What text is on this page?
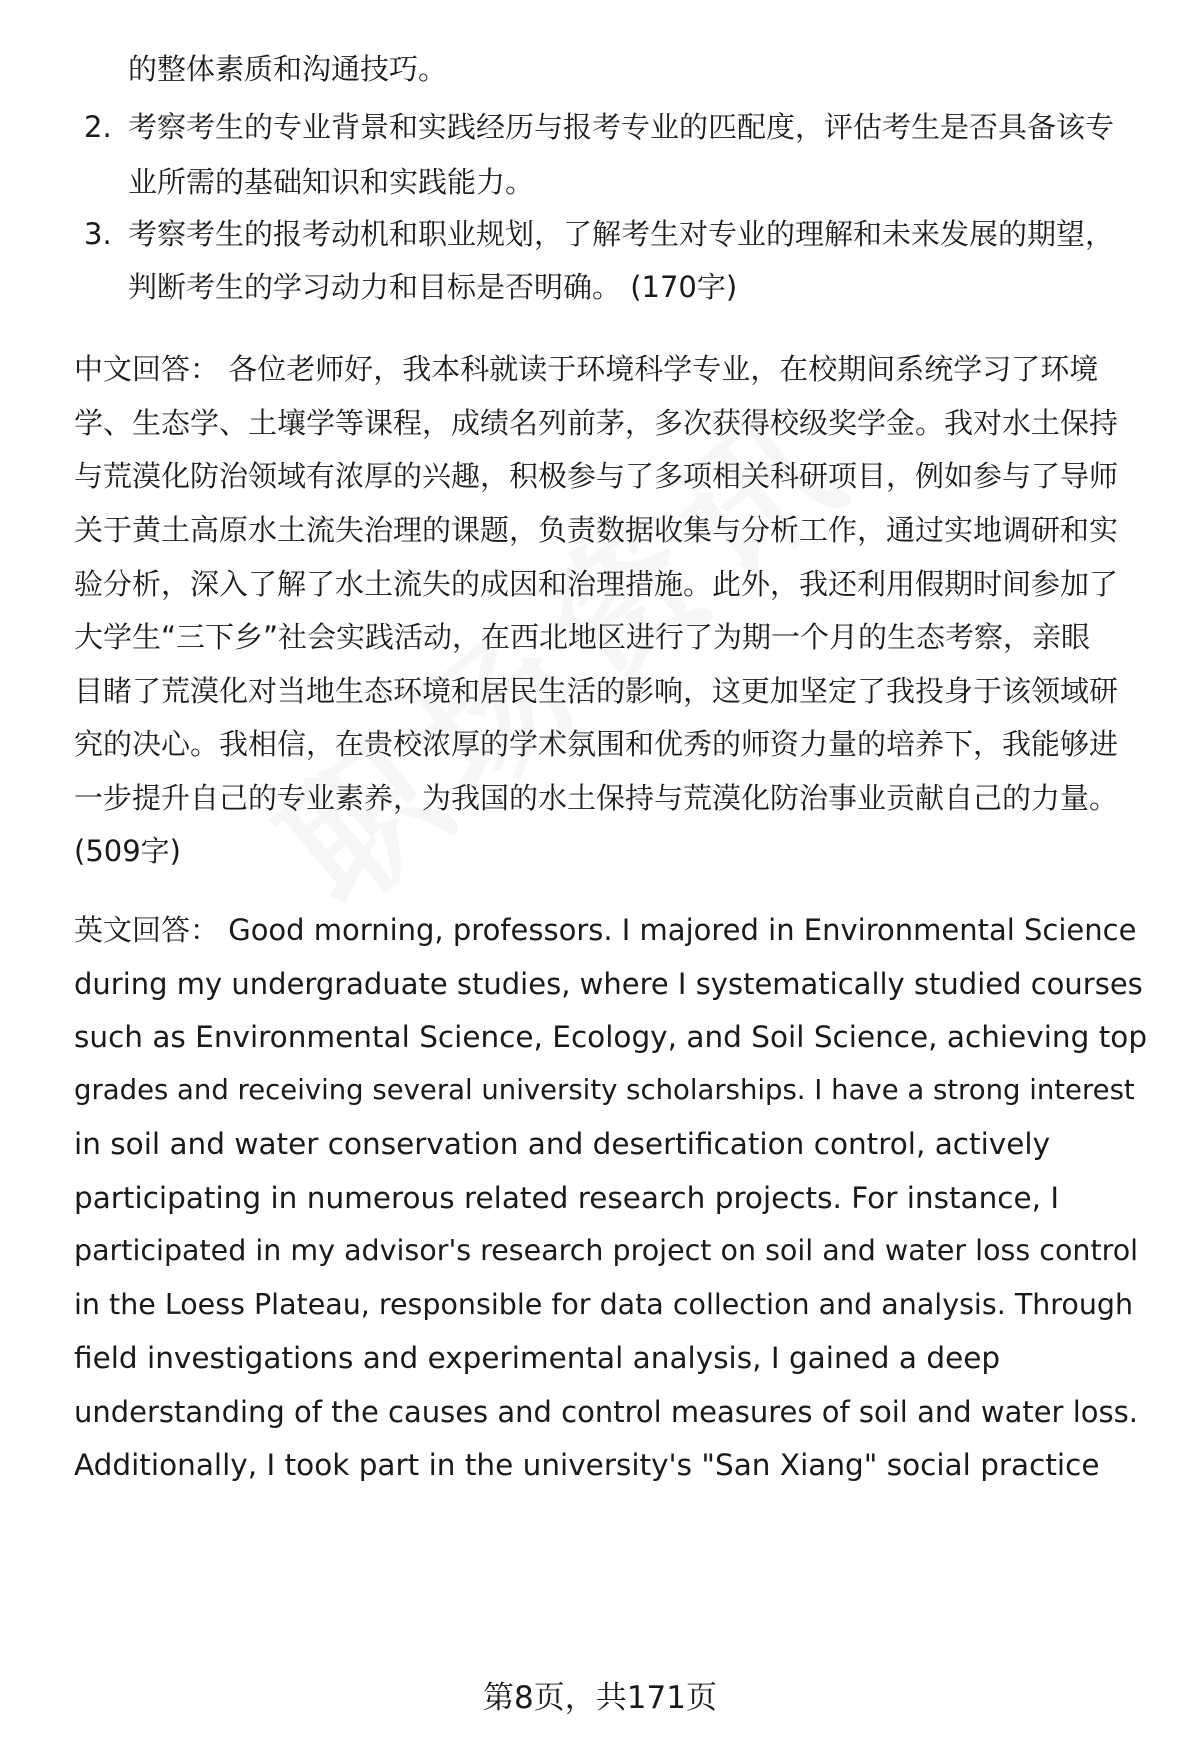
的整体素质和沟通技巧。
2. 考察考生的专业背景和实践经历与报考专业的匹配度，评估考生是否具备该专
业所需的基础知识和实践能力。
3. 考察考生的报考动机和职业规划，了解考生对专业的理解和未来发展的期望，
判断考生的学习动力和目标是否明确。 (170字)
中文回答： 各位老师好，我本科就读于环境科学专业，在校期间系统学习了环境
学、生态学、土壤学等课程，成绩名列前茅，多次获得校级奖学金。我对水土保持
与荒漠化防治领域有浓厚的兴趣，积极参与了多项相关科研项目，例如参与了导师
关于黄土高原水土流失治理的课题，负责数据收集与分析工作，通过实地调研和实
验分析，深入了解了水土流失的成因和治理措施。此外，我还利用假期时间参加了
大学生“三下乡”社会实践活动，在西北地区进行了为期一个月的生态考察，亲眼
目睹了荒漠化对当地生态环境和居民生活的影响，这更加坚定了我投身于该领域研
究的决心。我相信，在贵校浓厚的学术氛围和优秀的师资力量的培养下，我能够进
一步提升自己的专业素养，为我国的水土保持与荒漠化防治事业贡献自己的力量。
(509字)
英文回答： Good morning, professors. I majored in Environmental Science
during my undergraduate studies, where I systematically studied courses
such as Environmental Science, Ecology, and Soil Science, achieving top
grades and receiving several university scholarships. I have a strong interest
in soil and water conservation and desertification control, actively
participating in numerous related research projects. For instance, I
participated in my advisor's research project on soil and water loss control
in the Loess Plateau, responsible for data collection and analysis. Through
field investigations and experimental analysis, I gained a deep
understanding of the causes and control measures of soil and water loss.
Additionally, I took part in the university's "San Xiang" social practice
第8页，共171页
